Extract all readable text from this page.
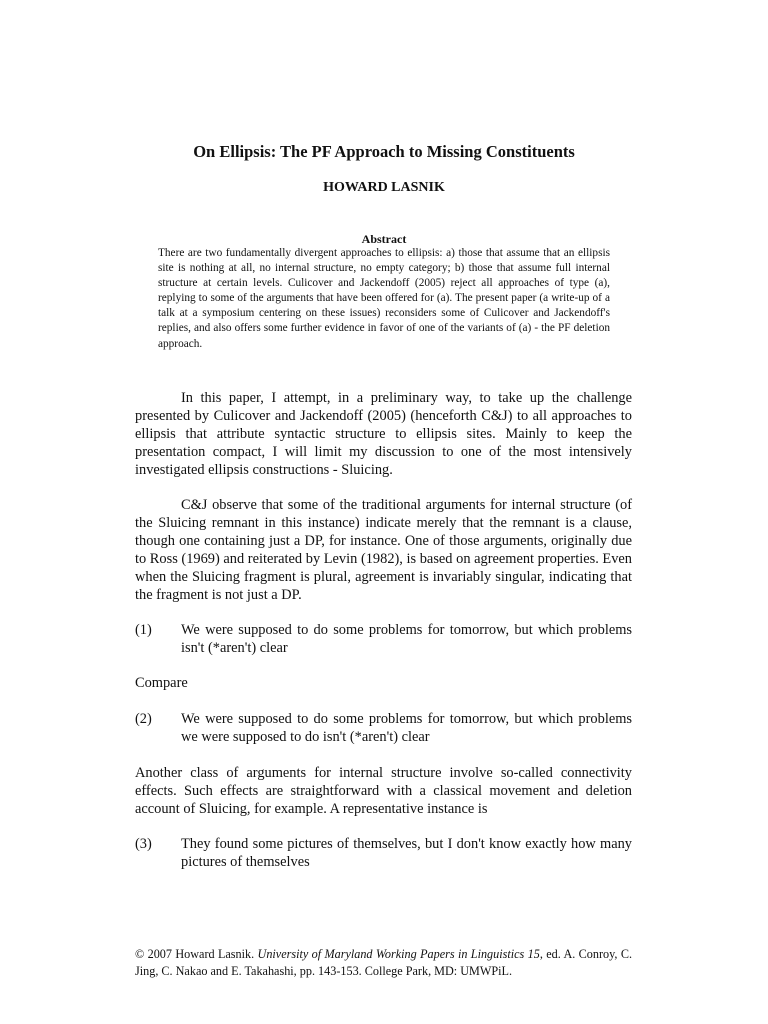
On Ellipsis: The PF Approach to Missing Constituents
HOWARD LASNIK
Abstract
There are two fundamentally divergent approaches to ellipsis: a) those that assume that an ellipsis site is nothing at all, no internal structure, no empty category; b) those that assume full internal structure at certain levels. Culicover and Jackendoff (2005) reject all approaches of type (a), replying to some of the arguments that have been offered for (a). The present paper (a write-up of a talk at a symposium centering on these issues) reconsiders some of Culicover and Jackendoff's replies, and also offers some further evidence in favor of one of the variants of (a) - the PF deletion approach.
In this paper, I attempt, in a preliminary way, to take up the challenge presented by Culicover and Jackendoff (2005) (henceforth C&J) to all approaches to ellipsis that attribute syntactic structure to ellipsis sites. Mainly to keep the presentation compact, I will limit my discussion to one of the most intensively investigated ellipsis constructions - Sluicing.
C&J observe that some of the traditional arguments for internal structure (of the Sluicing remnant in this instance) indicate merely that the remnant is a clause, though one containing just a DP, for instance. One of those arguments, originally due to Ross (1969) and reiterated by Levin (1982), is based on agreement properties. Even when the Sluicing fragment is plural, agreement is invariably singular, indicating that the fragment is not just a DP.
(1) We were supposed to do some problems for tomorrow, but which problems isn't (*aren't) clear
Compare
(2) We were supposed to do some problems for tomorrow, but which problems we were supposed to do isn't (*aren't) clear
Another class of arguments for internal structure involve so-called connectivity effects. Such effects are straightforward with a classical movement and deletion account of Sluicing, for example. A representative instance is
(3) They found some pictures of themselves, but I don't know exactly how many pictures of themselves
© 2007 Howard Lasnik. University of Maryland Working Papers in Linguistics 15, ed. A. Conroy, C. Jing, C. Nakao and E. Takahashi, pp. 143-153. College Park, MD: UMWPiL.
